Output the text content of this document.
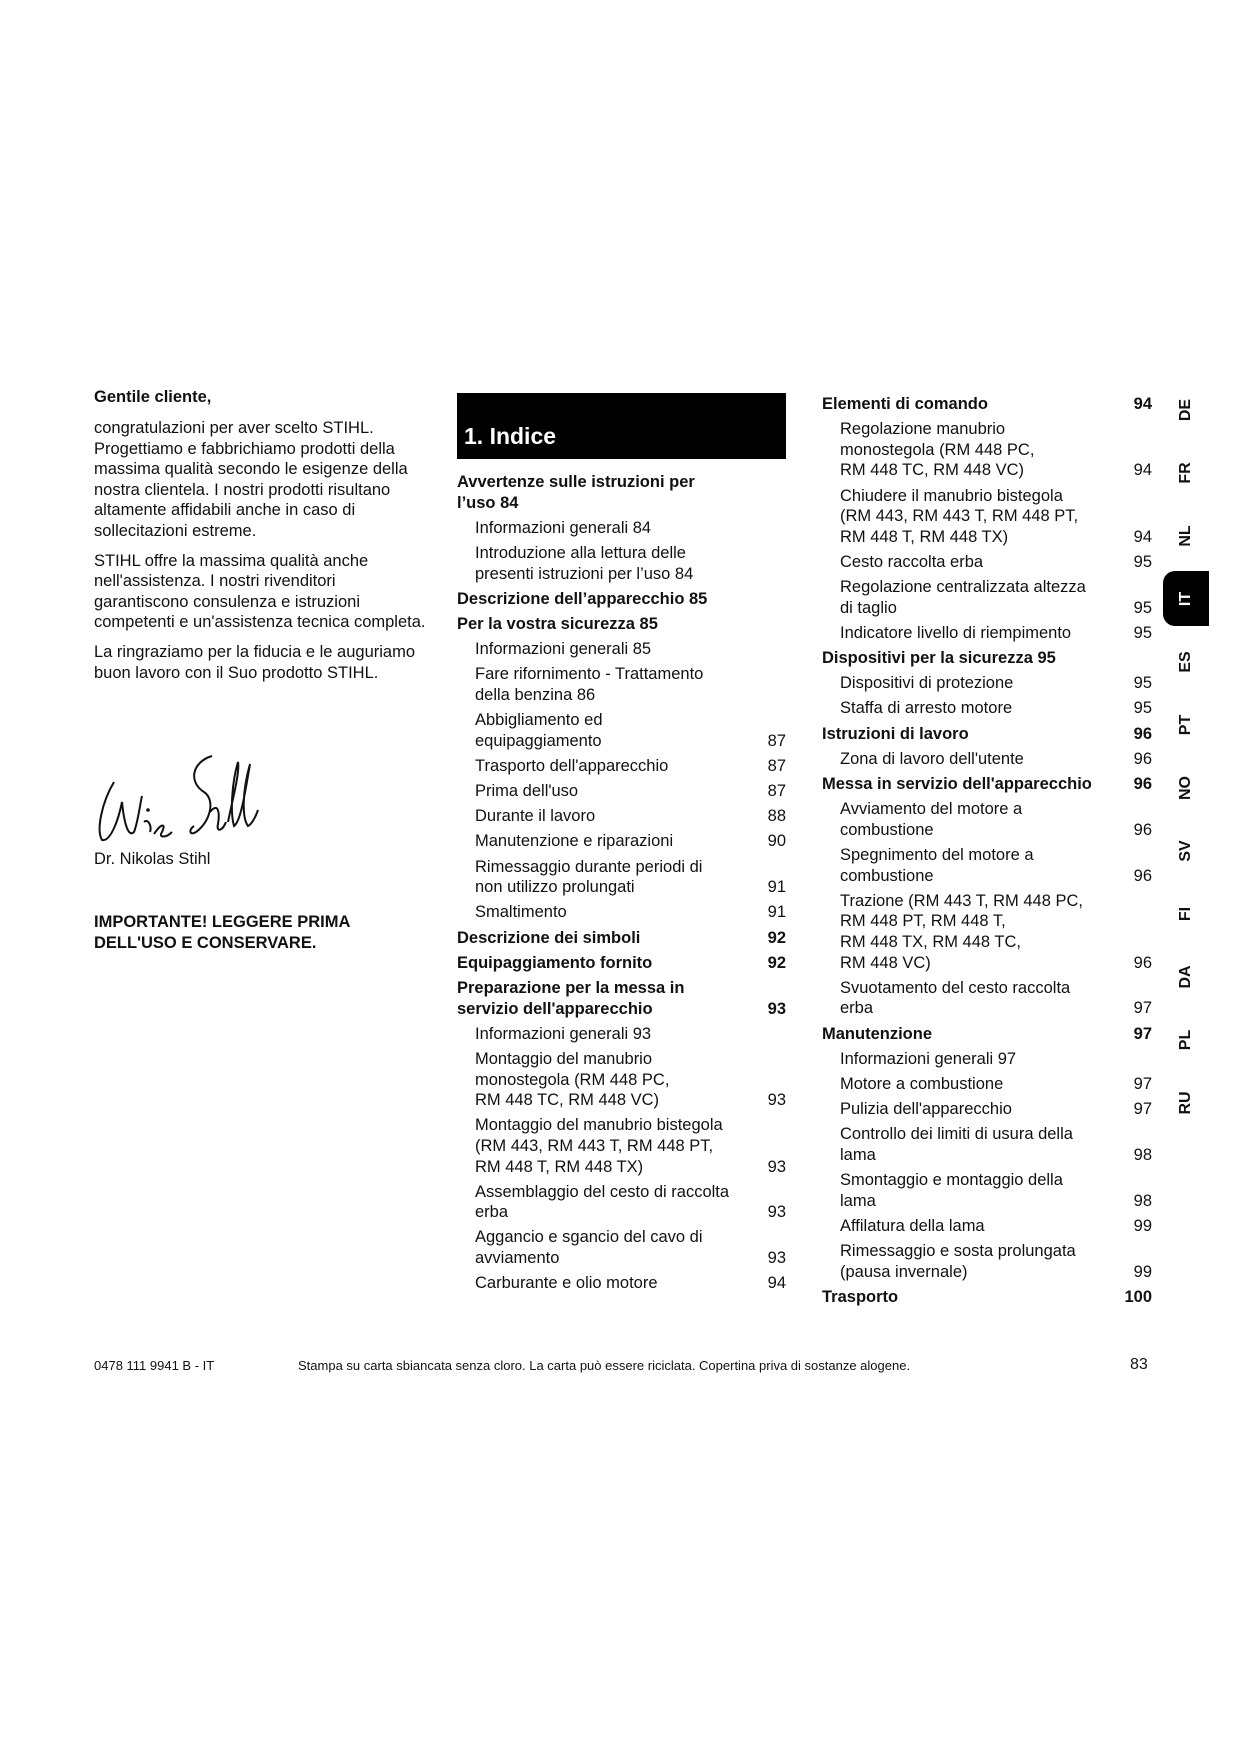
Gentile cliente,

congratulazioni per aver scelto STIHL. Progettiamo e fabbrichiamo prodotti della massima qualità secondo le esigenze della nostra clientela. I nostri prodotti risultano altamente affidabili anche in caso di sollecitazioni estreme.

STIHL offre la massima qualità anche nell'assistenza. I nostri rivenditori garantiscono consulenza e istruzioni competenti e un'assistenza tecnica completa.

La ringraziamo per la fiducia e le auguriamo buon lavoro con il Suo prodotto STIHL.

Dr. Nikolas Stihl
IMPORTANTE! LEGGERE PRIMA DELL'USO E CONSERVARE.
1. Indice
Avvertenze sulle istruzioni per
l’uso 84
Informazioni generali 84
Introduzione alla lettura delle
presenti istruzioni per l’uso 84
Descrizione dell’apparecchio 85
Per la vostra sicurezza 85
Informazioni generali 85
Fare rifornimento - Trattamento
della benzina 86
Abbigliamento ed
equipaggiamento	87
Trasporto dell'apparecchio	87
Prima dell'uso	87
Durante il lavoro	88
Manutenzione e riparazioni	90
Rimessaggio durante periodi di
non utilizzo prolungati	91
Smaltimento	91
Descrizione dei simboli	92
Equipaggiamento fornito	92
Preparazione per la messa in
servizio dell'apparecchio	93
Informazioni generali 93
Montaggio del manubrio
monostegola (RM 448 PC,
RM 448 TC, RM 448 VC)	93
Montaggio del manubrio bistegola
(RM 443, RM 443 T, RM 448 PT,
RM 448 T, RM 448 TX)	93
Assemblaggio del cesto di raccolta
erba	93
Aggancio e sgancio del cavo di
avviamento	93
Carburante e olio motore	94
Elementi di comando	94
Regolazione manubrio
monostegola (RM 448 PC,
RM 448 TC, RM 448 VC)	94
Chiudere il manubrio bistegola
(RM 443, RM 443 T, RM 448 PT,
RM 448 T, RM 448 TX)	94
Cesto raccolta erba	95
Regolazione centralizzata altezza
di taglio	95
Indicatore livello di riempimento	95
Dispositivi per la sicurezza 95
Dispositivi di protezione	95
Staffa di arresto motore	95
Istruzioni di lavoro	96
Zona di lavoro dell'utente	96
Messa in servizio dell'apparecchio	96
Avviamento del motore a
combustione	96
Spegnimento del motore a
combustione	96
Trazione (RM 443 T, RM 448 PC,
RM 448 PT, RM 448 T,
RM 448 TX, RM 448 TC,
RM 448 VC)	96
Svuotamento del cesto raccolta
erba	97
Manutenzione	97
Informazioni generali 97
Motore a combustione	97
Pulizia dell'apparecchio	97
Controllo dei limiti di usura della
lama	98
Smontaggio e montaggio della
lama	98
Affilatura della lama	99
Rimessaggio e sosta prolungata
(pausa invernale)	99
Trasporto	100
DE
FR
NL
IT
ES
PT
NO
SV
FI
DA
PL
RU
0478 111 9941 B - IT	Stampa su carta sbiancata senza cloro. La carta può essere riciclata. Copertina priva di sostanze alogene.	83
